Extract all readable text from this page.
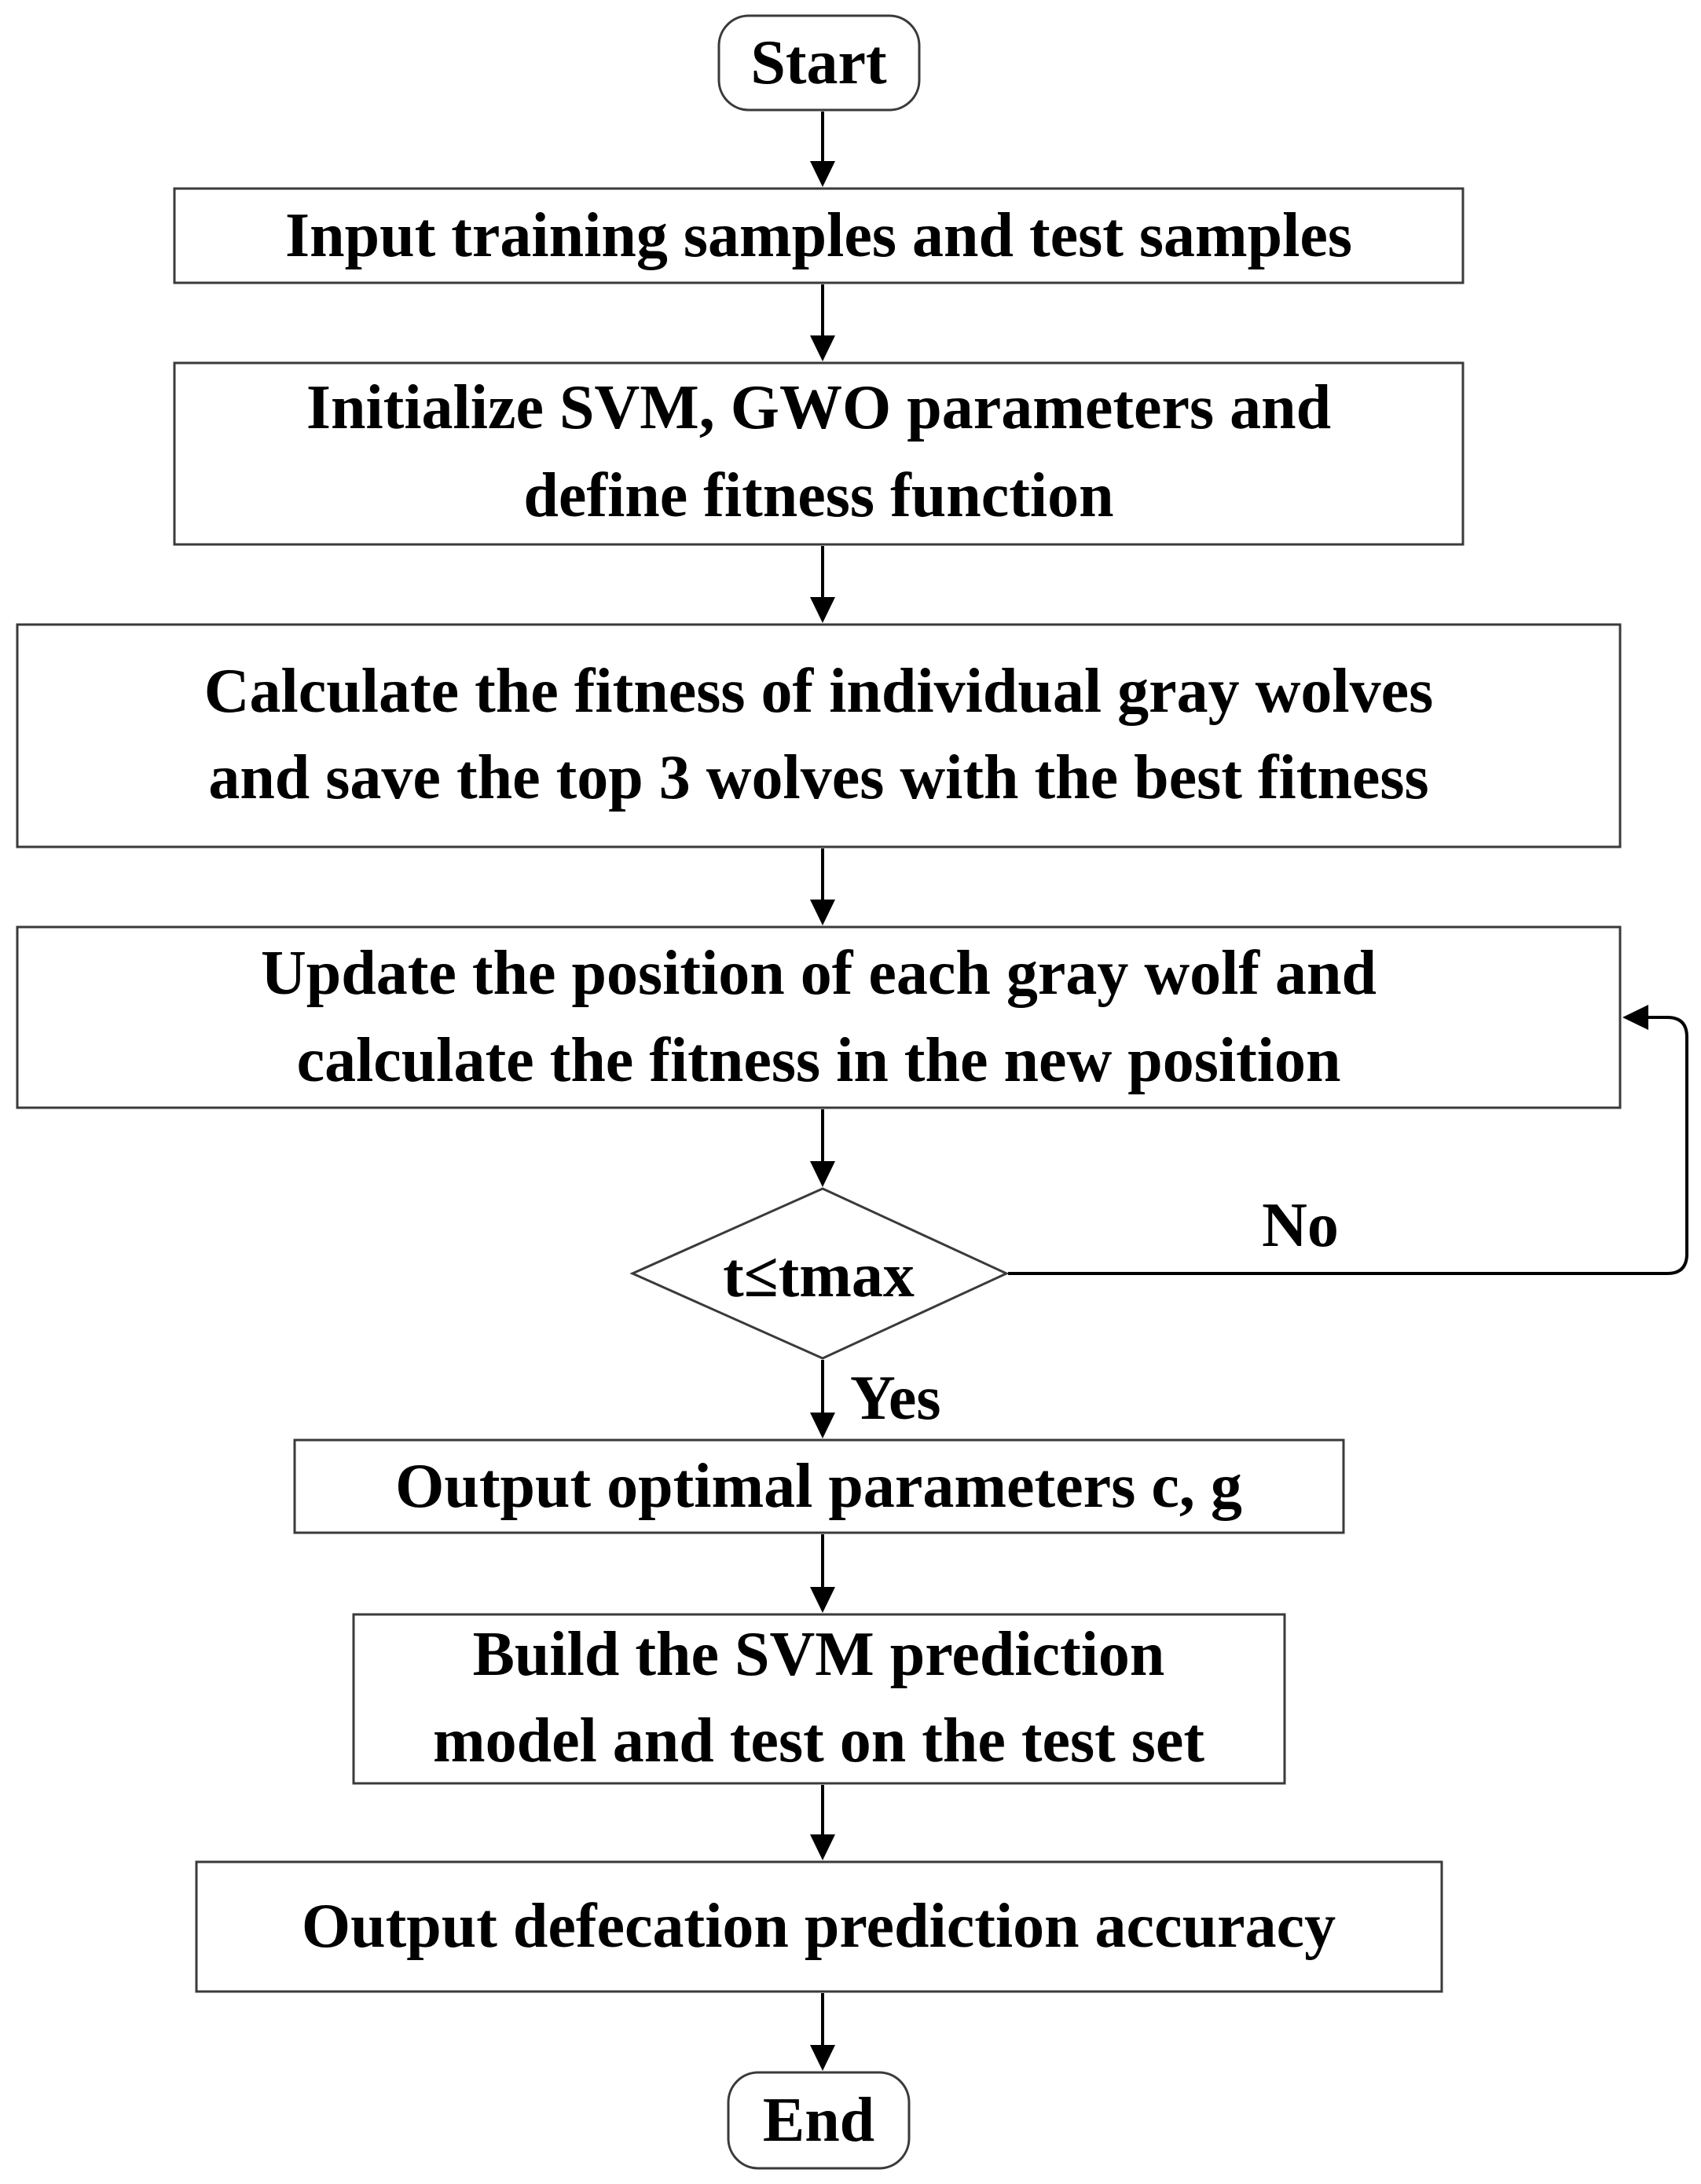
Start
Input training samples and test samples
Initialize SVM, GWO parameters and
define fitness function
Calculate the fitness of individual gray wolves
and save the top 3 wolves with the best fitness
Update the position of each gray wolf and
calculate the fitness in the new position
t≤tmax
Output optimal parameters c, g
Build the SVM prediction
model and test on the test set
Output defecation prediction accuracy
End
No
Yes
